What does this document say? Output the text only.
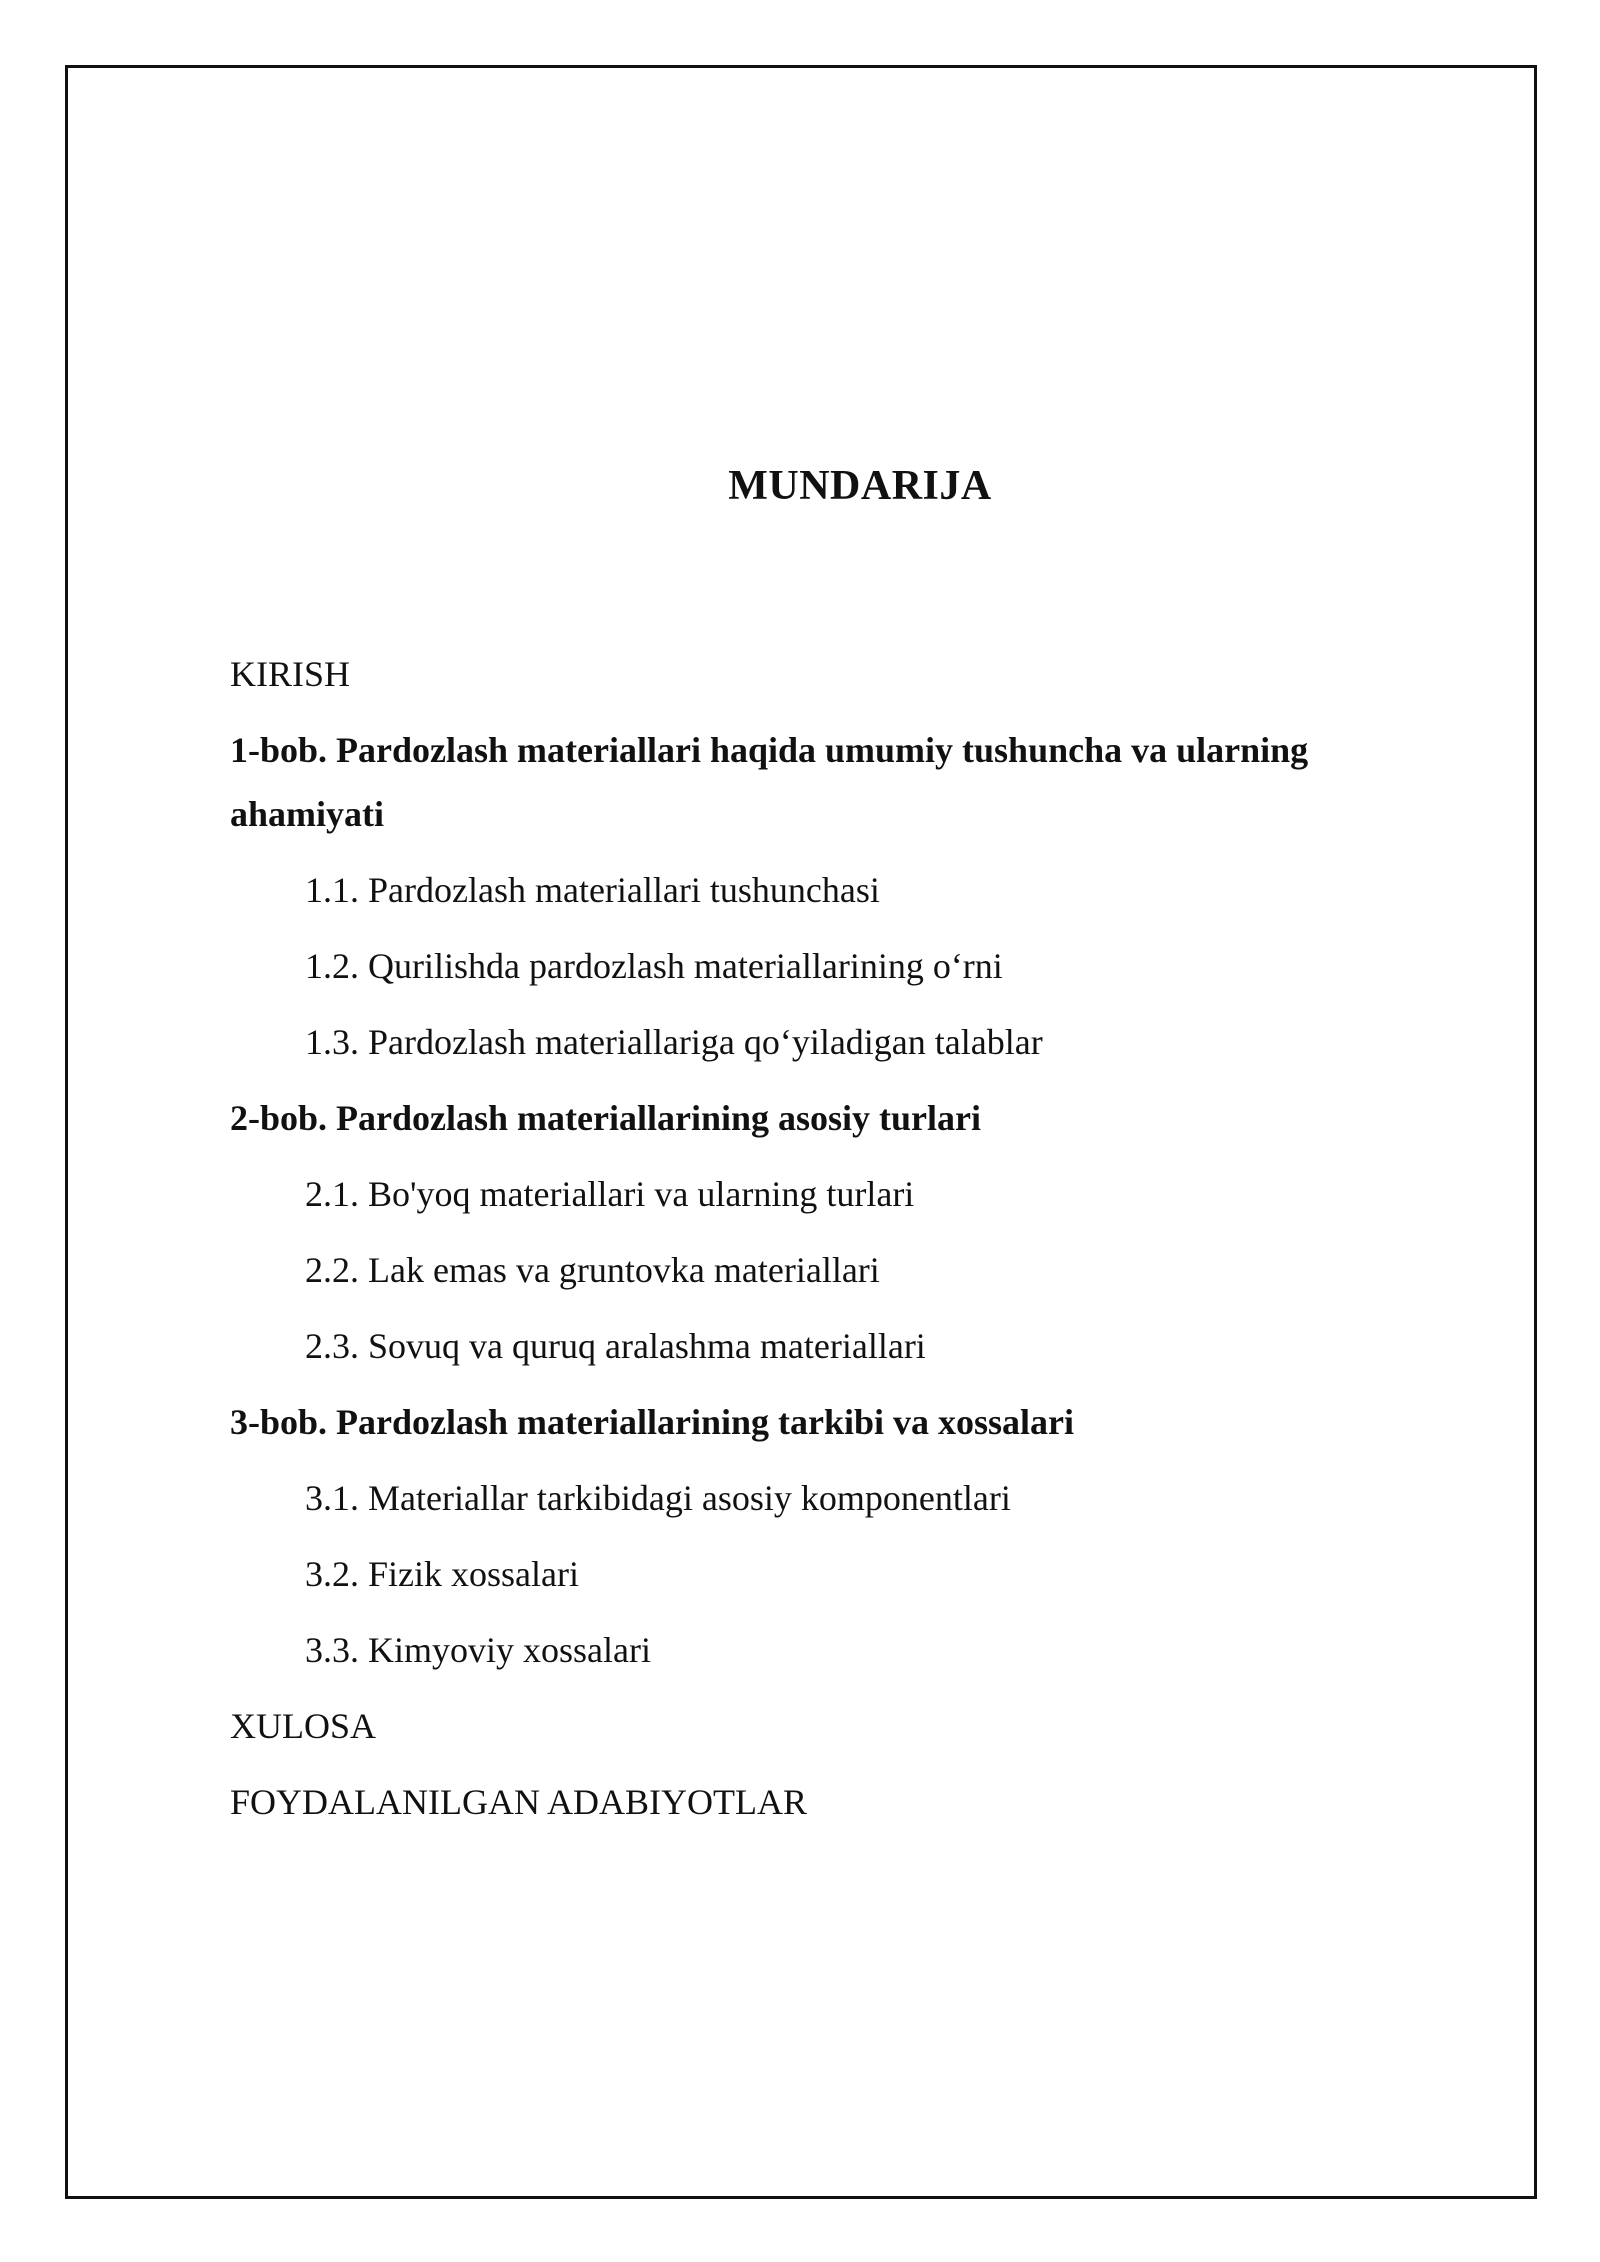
MUNDARIJA
KIRISH
1-bob. Pardozlash materiallari haqida umumiy tushuncha va ularning ahamiyati
1.1. Pardozlash materiallari tushunchasi
1.2. Qurilishda pardozlash materiallarining o‘rni
1.3. Pardozlash materiallariga qo‘yiladigan talablar
2-bob. Pardozlash materiallarining asosiy turlari
2.1. Bo'yoq materiallari va ularning turlari
2.2. Lak emas va gruntovka materiallari
2.3. Sovuq va quruq aralashma materiallari
3-bob. Pardozlash materiallarining tarkibi va xossalari
3.1. Materiallar tarkibidagi asosiy komponentlari
3.2. Fizik xossalari
3.3. Kimyoviy xossalari
XULOSA
FOYDALANILGAN ADABIYOTLAR
